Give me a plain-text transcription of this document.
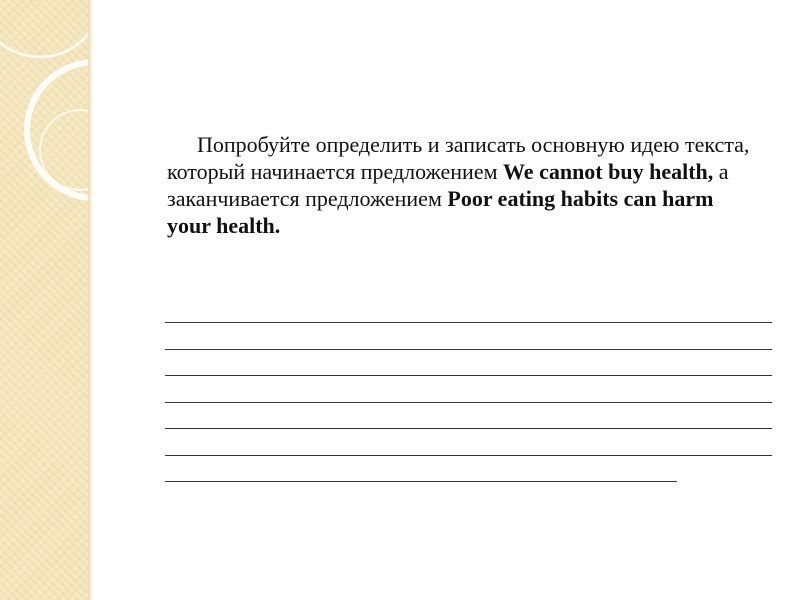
Попробуйте определить и записать основную идею текста, который начинается предложением We cannot buy health, а заканчивается предложением Poor eating habits can harm your health.
